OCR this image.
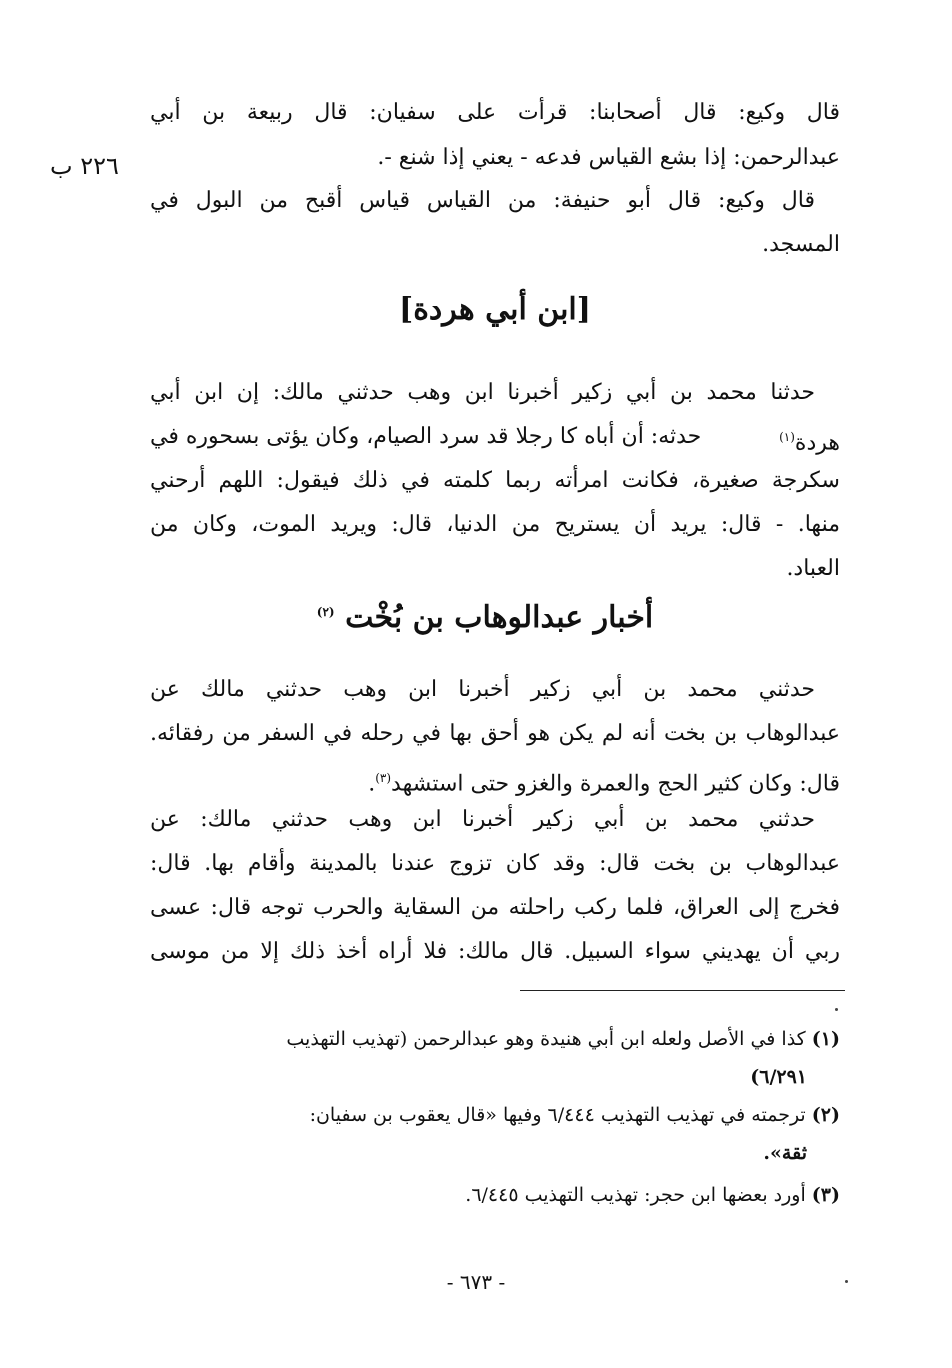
٢٢٦ ب
قال وكيع: قال أصحابنا: قرأت على سفيان: قال ربيعة بن أبي
عبدالرحمن: إذا بشع القياس فدعه - يعني إذا شنع -.
قال وكيع: قال أبو حنيفة: من القياس قياس أقبح من البول في
المسجد.
[ابن أبي هردة]
حدثنا محمد بن أبي زكير أخبرنا ابن وهب حدثني مالك: إن ابن أبي
هردة$^{(١)}$
حدثه: أن أباه كا رجلا قد سرد الصيام، وكان يؤتى بسحوره في
سكرجة صغيرة، فكانت امرأته ربما كلمته في ذلك فيقول: اللهم أرحني
منها. - قال: يريد أن يستريح من الدنيا، قال: ويريد الموت، وكان من
العباد.
أخبار عبدالوهاب بن بُخْت $^{(٢)}$
حدثني محمد بن أبي زكير أخبرنا ابن وهب حدثني مالك عن
عبدالوهاب بن بخت أنه لم يكن هو أحق بها في رحله في السفر من رفقائه.
قال: وكان كثير الحج والعمرة والغزو حتى استشهد$^{(٣)}$.
حدثني محمد بن أبي زكير أخبرنا ابن وهب حدثني مالك: عن
عبدالوهاب بن بخت قال: وقد كان تزوج عندنا بالمدينة وأقام بها. قال:
فخرج إلى العراق، فلما ركب راحلته من السقاية والحرب توجه قال: عسى
ربي أن يهديني سواء السبيل. قال مالك: فلا أراه أخذ ذلك إلا من موسى
(١) كذا في الأصل ولعله ابن أبي هنيدة وهو عبدالرحمن (تهذيب التهذيب
٦/٢٩١)
(٢) ترجمته في تهذيب التهذيب ٦/٤٤٤ وفيها «قال يعقوب بن سفيان:
ثقة».
(٣) أورد بعضها ابن حجر: تهذيب التهذيب ٦/٤٤٥.
- ٦٧٣ -
